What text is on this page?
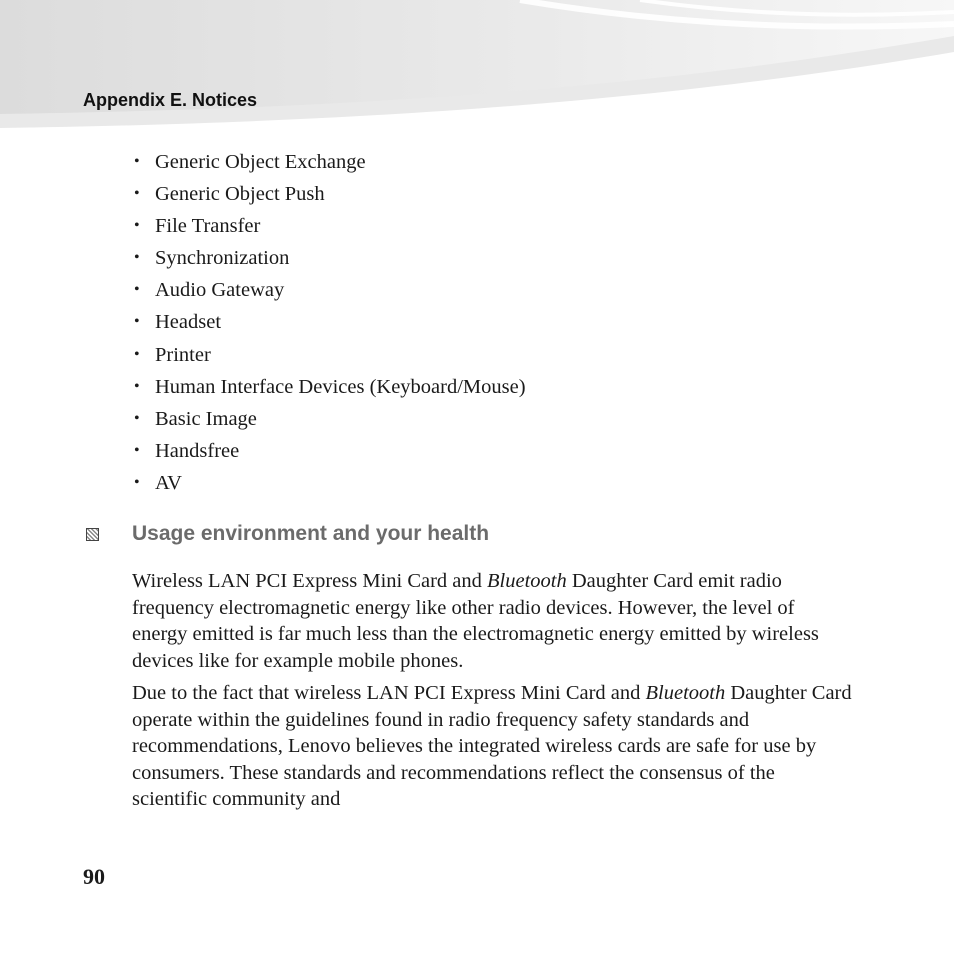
Appendix E. Notices
• Generic Object Exchange
• Generic Object Push
• File Transfer
• Synchronization
• Audio Gateway
• Headset
• Printer
• Human Interface Devices (Keyboard/Mouse)
• Basic Image
• Handsfree
• AV
Usage environment and your health

Wireless LAN PCI Express Mini Card and Bluetooth Daughter Card emit radio frequency electromagnetic energy like other radio devices. However, the level of energy emitted is far much less than the electromagnetic energy emitted by wireless devices like for example mobile phones.

Due to the fact that wireless LAN PCI Express Mini Card and Bluetooth Daughter Card operate within the guidelines found in radio frequency safety standards and recommendations, Lenovo believes the integrated wireless cards are safe for use by consumers. These standards and recommendations reflect the consensus of the scientific community and

90
